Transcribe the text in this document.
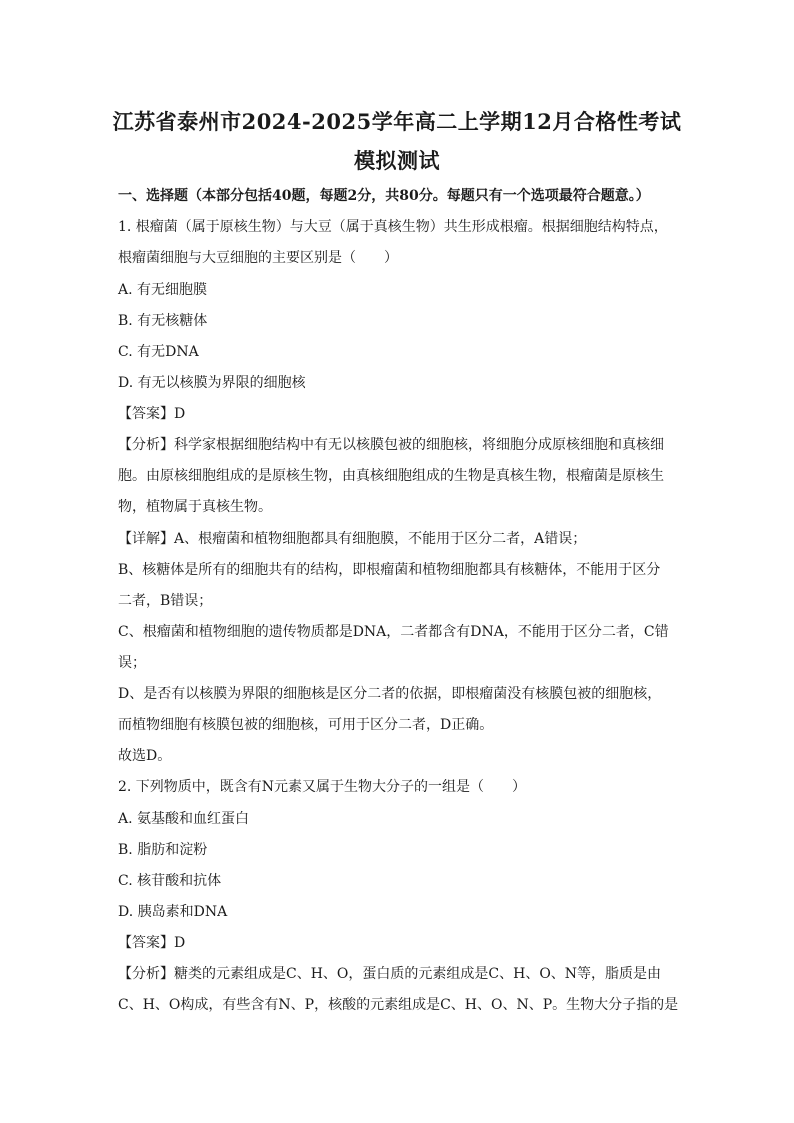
江苏省泰州市2024-2025学年高二上学期12月合格性考试
模拟测试
一、选择题（本部分包括40题，每题2分，共80分。每题只有一个选项最符合题意。）
1. 根瘤菌（属于原核生物）与大豆（属于真核生物）共生形成根瘤。根据细胞结构特点，
根瘤菌细胞与大豆细胞的主要区别是（　　）
A. 有无细胞膜
B. 有无核糖体
C. 有无DNA
D. 有无以核膜为界限的细胞核
【答案】D
【分析】科学家根据细胞结构中有无以核膜包被的细胞核，将细胞分成原核细胞和真核细
胞。由原核细胞组成的是原核生物，由真核细胞组成的生物是真核生物，根瘤菌是原核生
物，植物属于真核生物。
【详解】A、根瘤菌和植物细胞都具有细胞膜，不能用于区分二者，A错误；
B、核糖体是所有的细胞共有的结构，即根瘤菌和植物细胞都具有核糖体，不能用于区分
二者，B错误；
C、根瘤菌和植物细胞的遗传物质都是DNA，二者都含有DNA，不能用于区分二者，C错
误；
D、是否有以核膜为界限的细胞核是区分二者的依据，即根瘤菌没有核膜包被的细胞核，
而植物细胞有核膜包被的细胞核，可用于区分二者，D正确。
故选D。
2. 下列物质中，既含有N元素又属于生物大分子的一组是（　　）
A. 氨基酸和血红蛋白
B. 脂肪和淀粉
C. 核苷酸和抗体
D. 胰岛素和DNA
【答案】D
【分析】糖类的元素组成是C、H、O，蛋白质的元素组成是C、H、O、N等，脂质是由
C、H、O构成，有些含有N、P，核酸的元素组成是C、H、O、N、P。生物大分子指的是
